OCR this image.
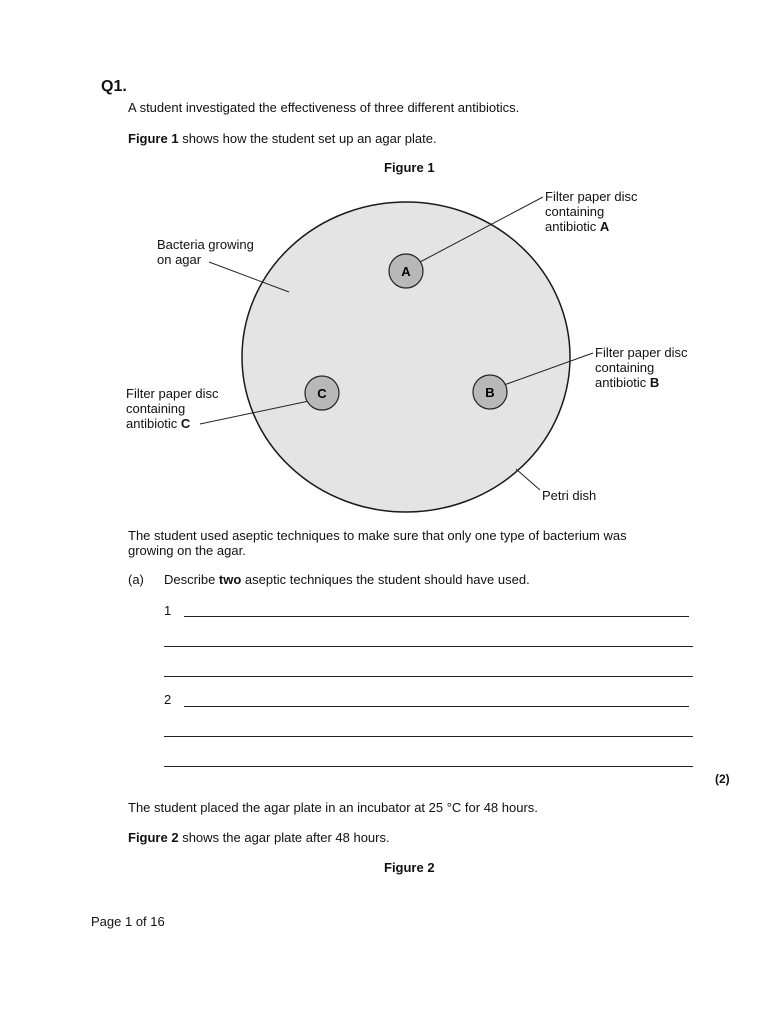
Q1.
A student investigated the effectiveness of three different antibiotics.
Figure 1 shows how the student set up an agar plate.
Figure 1
A
B
C
Bacteria growing
on agar
Filter paper disc
containing
antibiotic A
Filter paper disc
containing
antibiotic B
Filter paper disc
containing
antibiotic C
Petri dish
The student used aseptic techniques to make sure that only one type of bacterium was
growing on the agar.
(a) Describe two aseptic techniques the student should have used.
1
2
(2)
The student placed the agar plate in an incubator at 25 °C for 48 hours.
Figure 2 shows the agar plate after 48 hours.
Figure 2
Page 1 of 16
